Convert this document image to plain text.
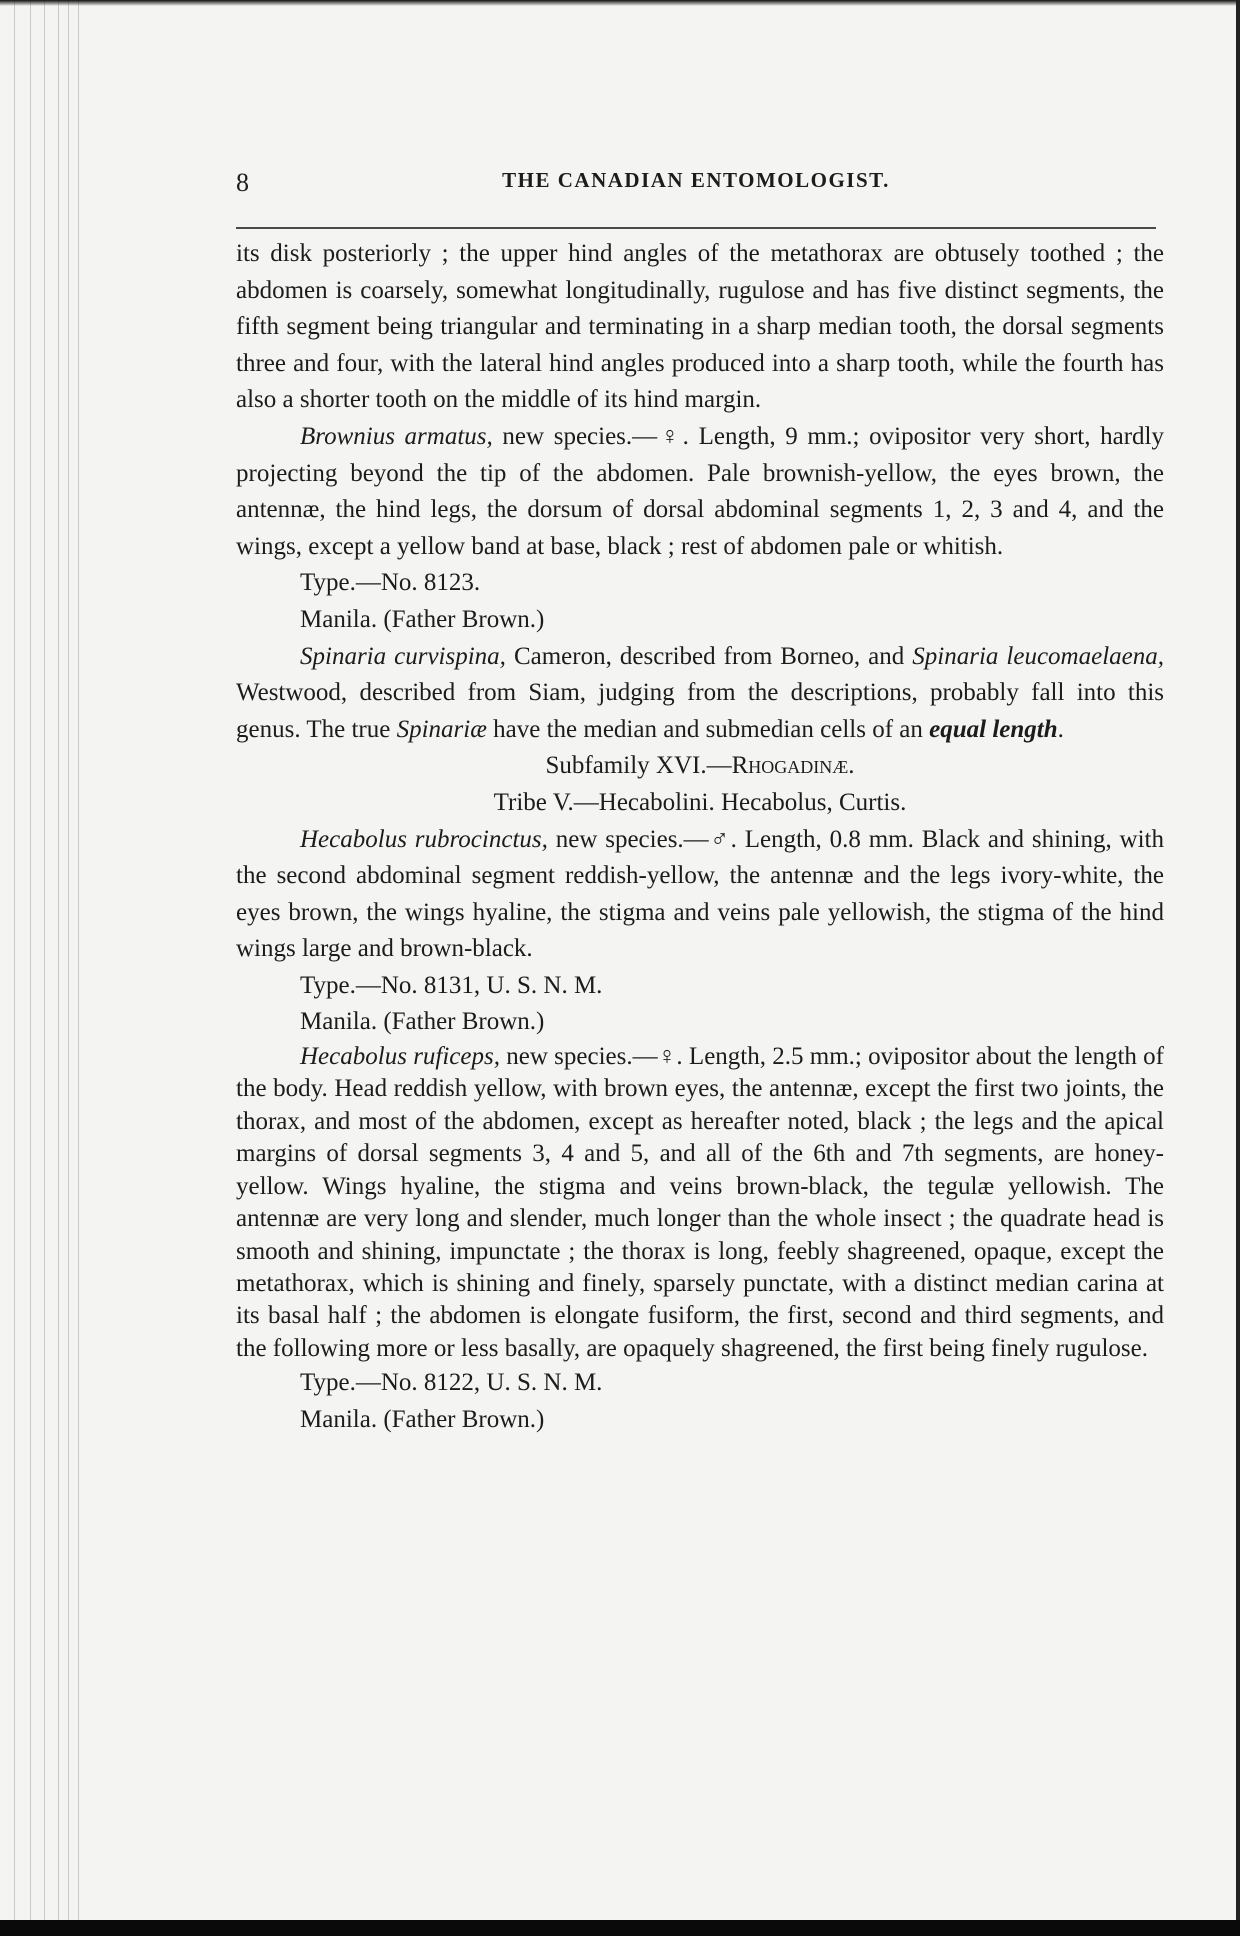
8	THE CANADIAN ENTOMOLOGIST.

its disk posteriorly ; the upper hind angles of the metathorax are obtusely toothed ; the abdomen is coarsely, somewhat longitudinally, rugulose and has five distinct segments, the fifth segment being triangular and terminating in a sharp median tooth, the dorsal segments three and four, with the lateral hind angles produced into a sharp tooth, while the fourth has also a shorter tooth on the middle of its hind margin.

Brownius armatus, new species.—♀. Length, 9 mm.; ovipositor very short, hardly projecting beyond the tip of the abdomen. Pale brownish-yellow, the eyes brown, the antennæ, the hind legs, the dorsum of dorsal abdominal segments 1, 2, 3 and 4, and the wings, except a yellow band at base, black ; rest of abdomen pale or whitish.

Type.—No. 8123.

Manila. (Father Brown.)

Spinaria curvispina, Cameron, described from Borneo, and Spinaria leucomaelaena, Westwood, described from Siam, judging from the descriptions, probably fall into this genus. The true Spinariæ have the median and submedian cells of an equal length.

Subfamily XVI.—Rhogadinæ.

Tribe V.—Hecabolini. Hecabolus, Curtis.

Hecabolus rubrocinctus, new species.—♂. Length, 0.8 mm. Black and shining, with the second abdominal segment reddish-yellow, the antennæ and the legs ivory-white, the eyes brown, the wings hyaline, the stigma and veins pale yellowish, the stigma of the hind wings large and brown-black.

Type.—No. 8131, U. S. N. M.

Manila. (Father Brown.)

Hecabolus ruficeps, new species.—♀. Length, 2.5 mm.; ovipositor about the length of the body. Head reddish yellow, with brown eyes, the antennæ, except the first two joints, the thorax, and most of the abdomen, except as hereafter noted, black ; the legs and the apical margins of dorsal segments 3, 4 and 5, and all of the 6th and 7th segments, are honey-yellow. Wings hyaline, the stigma and veins brown-black, the tegulæ yellowish. The antennæ are very long and slender, much longer than the whole insect ; the quadrate head is smooth and shining, impunctate ; the thorax is long, feebly shagreened, opaque, except the metathorax, which is shining and finely, sparsely punctate, with a distinct median carina at its basal half ; the abdomen is elongate fusiform, the first, second and third segments, and the following more or less basally, are opaquely shagreened, the first being finely rugulose.

Type.—No. 8122, U. S. N. M.

Manila. (Father Brown.)
